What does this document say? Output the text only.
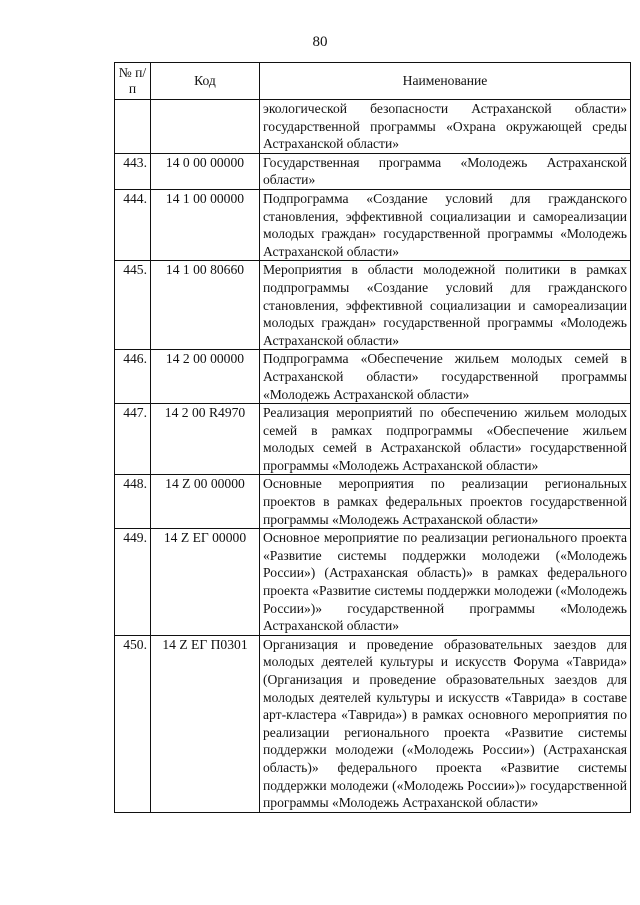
80
№ п/п	Код	Наименование
		экологической безопасности Астраханской области» государственной программы «Охрана окружающей среды Астраханской области»
443.	14 0 00 00000	Государственная программа «Молодежь Астраханской области»
444.	14 1 00 00000	Подпрограмма «Создание условий для гражданского становления, эффективной социализации и самореализации молодых граждан» государственной программы «Молодежь Астраханской области»
445.	14 1 00 80660	Мероприятия в области молодежной политики в рамках подпрограммы «Создание условий для гражданского становления, эффективной социализации и самореализации молодых граждан» государственной программы «Молодежь Астраханской области»
446.	14 2 00 00000	Подпрограмма «Обеспечение жильем молодых семей в Астраханской области» государственной программы «Молодежь Астраханской области»
447.	14 2 00 R4970	Реализация мероприятий по обеспечению жильем молодых семей в рамках подпрограммы «Обеспечение жильем молодых семей в Астраханской области» государственной программы «Молодежь Астраханской области»
448.	14 Z 00 00000	Основные мероприятия по реализации региональных проектов в рамках федеральных проектов государственной программы «Молодежь Астраханской области»
449.	14 Z ЕГ 00000	Основное мероприятие по реализации регионального проекта «Развитие системы поддержки молодежи («Молодежь России») (Астраханская область)» в рамках федерального проекта «Развитие системы поддержки молодежи («Молодежь России»)» государственной программы «Молодежь Астраханской области»
450.	14 Z ЕГ П0301	Организация и проведение образовательных заездов для молодых деятелей культуры и искусств Форума «Таврида» (Организация и проведение образовательных заездов для молодых деятелей культуры и искусств «Таврида» в составе арт-кластера «Таврида») в рамках основного мероприятия по реализации регионального проекта «Развитие системы поддержки молодежи («Молодежь России») (Астраханская область)» федерального проекта «Развитие системы поддержки молодежи («Молодежь России»)» государственной программы «Молодежь Астраханской области»
